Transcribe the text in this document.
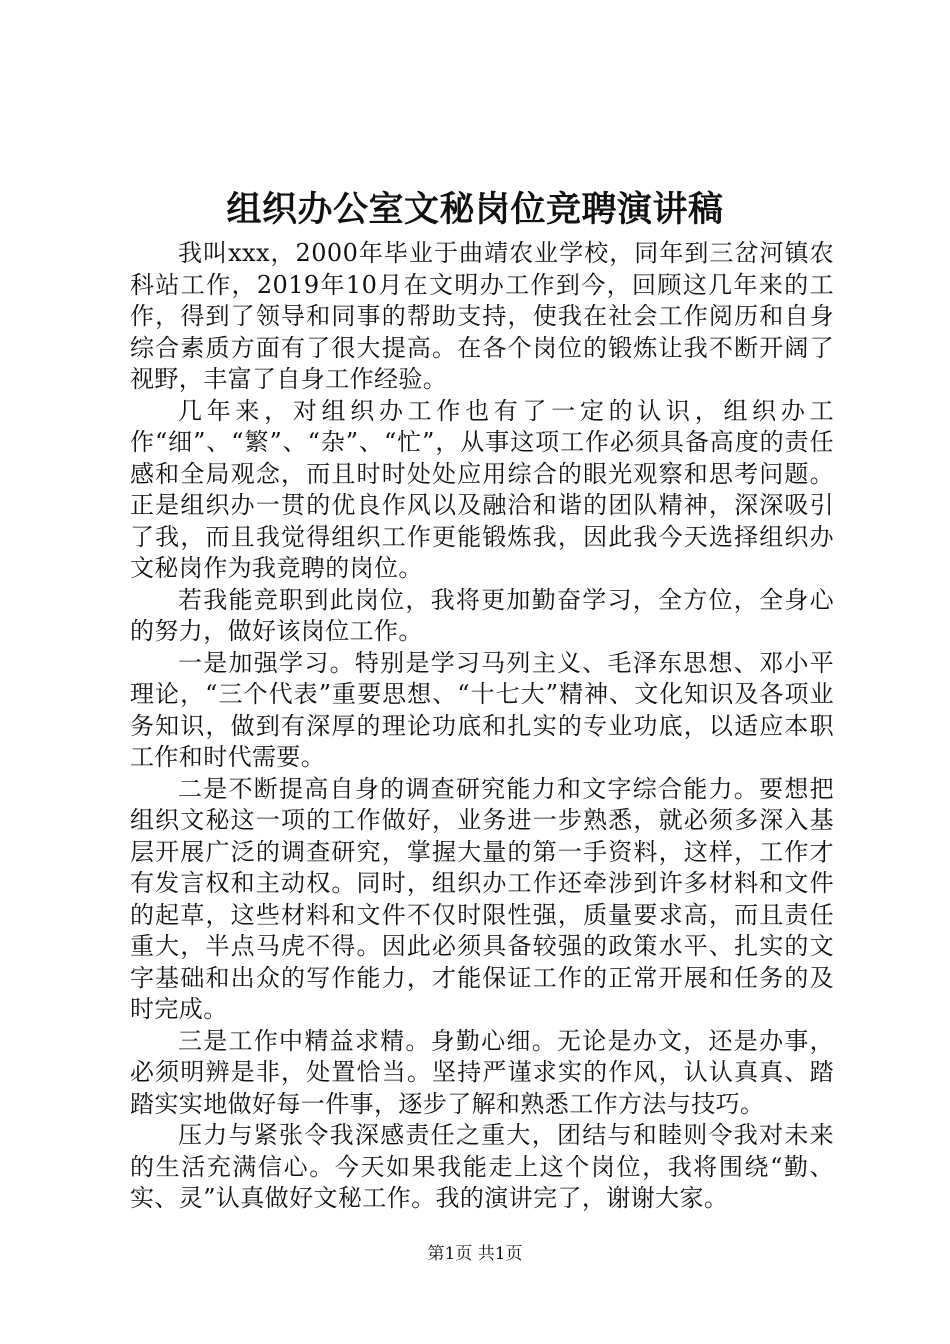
组织办公室文秘岗位竞聘演讲稿

我叫xxx，2000年毕业于曲靖农业学校，同年到三岔河镇农科站工作，2019年10月在文明办工作到今，回顾这几年来的工作，得到了领导和同事的帮助支持，使我在社会工作阅历和自身综合素质方面有了很大提高。在各个岗位的锻炼让我不断开阔了视野，丰富了自身工作经验。

几年来，对组织办工作也有了一定的认识，组织办工作“细”、“繁”、“杂”、“忙”，从事这项工作必须具备高度的责任感和全局观念，而且时时处处应用综合的眼光观察和思考问题。正是组织办一贯的优良作风以及融洽和谐的团队精神，深深吸引了我，而且我觉得组织工作更能锻炼我，因此我今天选择组织办文秘岗作为我竞聘的岗位。

若我能竞职到此岗位，我将更加勤奋学习，全方位，全身心的努力，做好该岗位工作。

一是加强学习。特别是学习马列主义、毛泽东思想、邓小平理论，“三个代表”重要思想、“十七大”精神、文化知识及各项业务知识，做到有深厚的理论功底和扎实的专业功底，以适应本职工作和时代需要。

二是不断提高自身的调查研究能力和文字综合能力。要想把组织文秘这一项的工作做好，业务进一步熟悉，就必须多深入基层开展广泛的调查研究，掌握大量的第一手资料，这样，工作才有发言权和主动权。同时，组织办工作还牵涉到许多材料和文件的起草，这些材料和文件不仅时限性强，质量要求高，而且责任重大，半点马虎不得。因此必须具备较强的政策水平、扎实的文字基础和出众的写作能力，才能保证工作的正常开展和任务的及时完成。

三是工作中精益求精。身勤心细。无论是办文，还是办事，必须明辨是非，处置恰当。坚持严谨求实的作风，认认真真、踏踏实实地做好每一件事，逐步了解和熟悉工作方法与技巧。

压力与紧张令我深感责任之重大，团结与和睦则令我对未来的生活充满信心。今天如果我能走上这个岗位，我将围绕“勤、实、灵”认真做好文秘工作。我的演讲完了，谢谢大家。

第1页 共1页
